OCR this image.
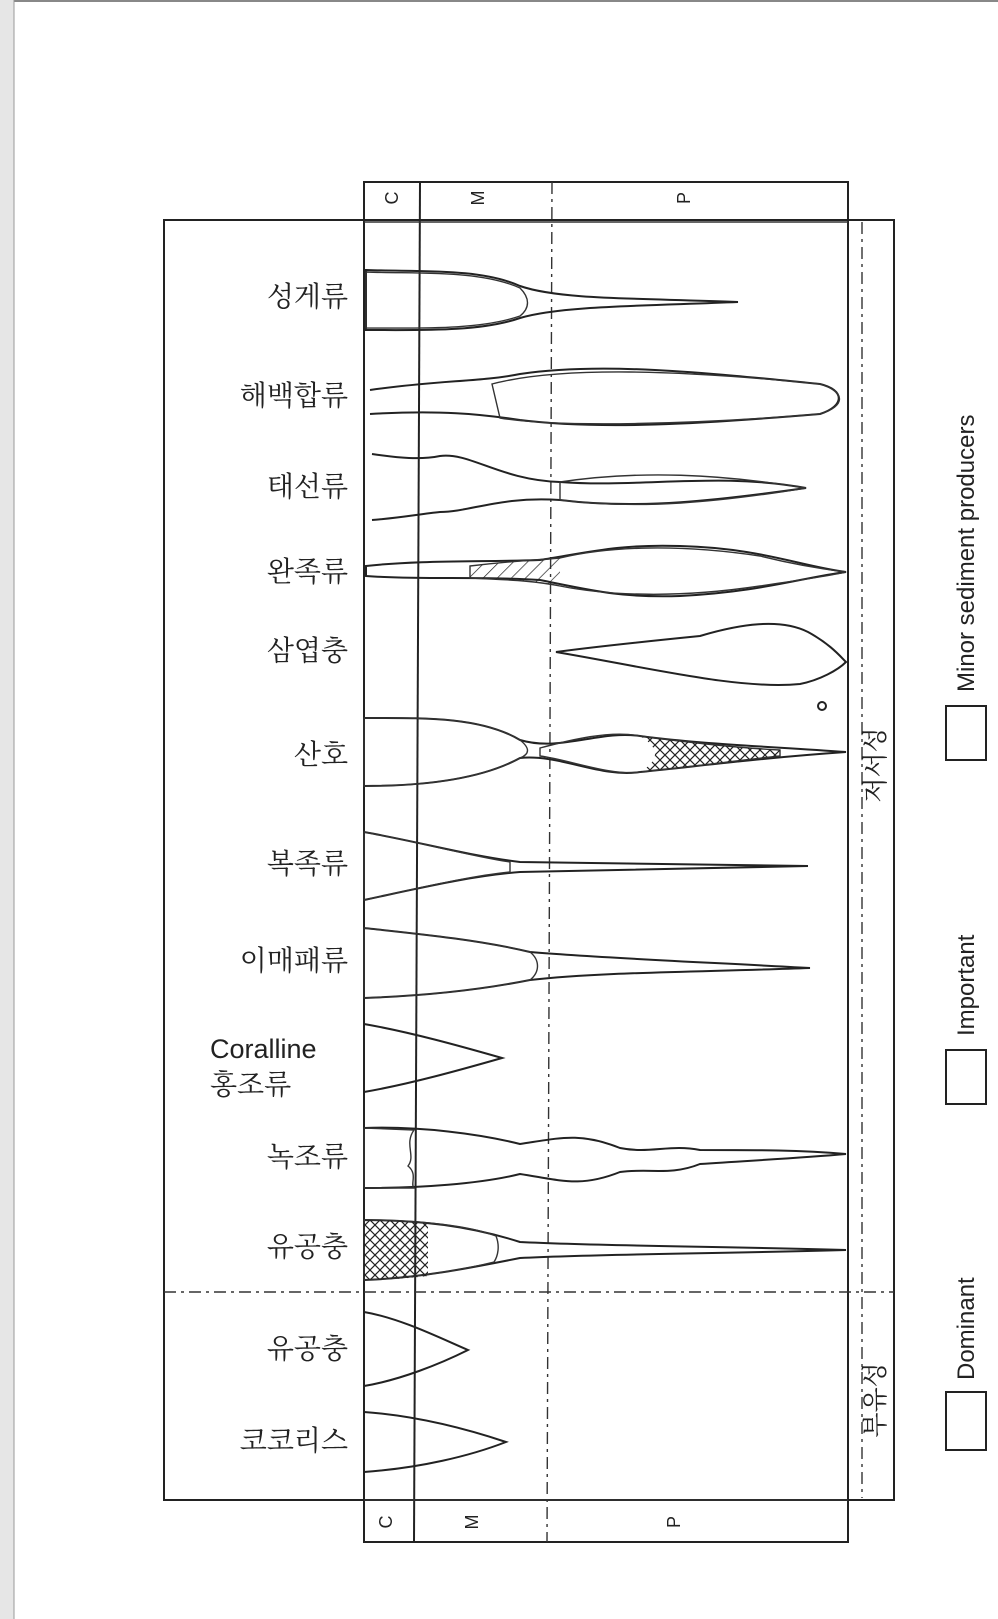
C	M	P
C	M	P
성게류
해백합류
태선류
완족류
삼엽충
산호
복족류
이매패류
Coralline
홍조류
녹조류
유공충
유공충
코코리스
저서성
부유성
Dominant
Important
Minor sediment producers
